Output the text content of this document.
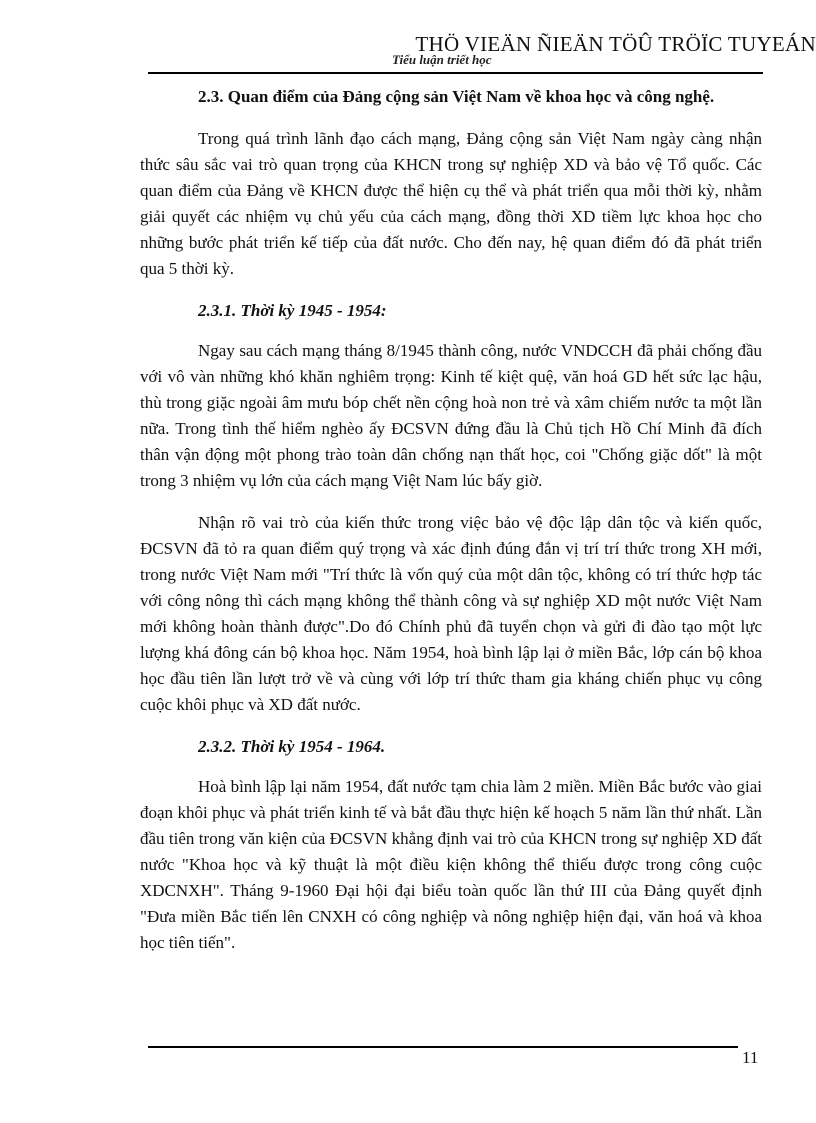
THÖ VIEÄN ÑIEÄN TÖÛ TRÖÏC TUYEÁN
Tiểu luận triết học

2.3. Quan điểm của Đảng cộng sản Việt Nam về khoa học và công nghệ.

Trong quá trình lãnh đạo cách mạng, Đảng cộng sản Việt Nam ngày càng nhận thức sâu sắc vai trò quan trọng của KHCN trong sự nghiệp XD và bảo vệ Tổ quốc. Các quan điểm của Đảng về KHCN được thể hiện cụ thể và phát triển qua mỗi thời kỳ, nhằm giải quyết các nhiệm vụ chủ yếu của cách mạng, đồng thời XD tiềm lực khoa học cho những bước phát triển kế tiếp của đất nước. Cho đến nay, hệ quan điểm đó đã phát triển qua 5 thời kỳ.

2.3.1. Thời kỳ 1945 - 1954:

Ngay sau cách mạng tháng 8/1945 thành công, nước VNDCCH đã phải chống đầu với vô vàn những khó khăn nghiêm trọng: Kinh tế kiệt quệ, văn hoá GD hết sức lạc hậu, thù trong giặc ngoài âm mưu bóp chết nền cộng hoà non trẻ và xâm chiếm nước ta một lần nữa. Trong tình thế hiểm nghèo ấy ĐCSVN đứng đầu là Chủ tịch Hồ Chí Minh đã đích thân vận động một phong trào toàn dân chống nạn thất học, coi "Chống giặc dốt" là một trong 3 nhiệm vụ lớn của cách mạng Việt Nam lúc bấy giờ.

Nhận rõ vai trò của kiến thức trong việc bảo vệ độc lập dân tộc và kiến quốc, ĐCSVN đã tỏ ra quan điểm quý trọng và xác định đúng đắn vị trí trí thức trong XH mới, trong nước Việt Nam mới "Trí thức là vốn quý của một dân tộc, không có trí thức hợp tác với công nông thì cách mạng không thể thành công và sự nghiệp XD một nước Việt Nam mới không hoàn thành được".Do đó Chính phủ đã tuyển chọn và gửi đi đào tạo một lực lượng khá đông cán bộ khoa học. Năm 1954, hoà bình lập lại ở miền Bắc, lớp cán bộ khoa học đầu tiên lần lượt trở về và cùng với lớp trí thức tham gia kháng chiến phục vụ công cuộc khôi phục và XD đất nước.

2.3.2. Thời kỳ 1954 - 1964.

Hoà bình lập lại năm 1954, đất nước tạm chia làm 2 miền. Miền Bắc bước vào giai đoạn khôi phục và phát triển kinh tế và bắt đầu thực hiện kế hoạch 5 năm lần thứ nhất. Lần đầu tiên trong văn kiện của ĐCSVN khẳng định vai trò của KHCN trong sự nghiệp XD đất nước "Khoa học và kỹ thuật là một điều kiện không thể thiếu được trong công cuộc XDCNXH". Tháng 9-1960 Đại hội đại biểu toàn quốc lần thứ III của Đảng quyết định "Đưa miền Bắc tiến lên CNXH có công nghiệp và nông nghiệp hiện đại, văn hoá và khoa học tiên tiến".

11
